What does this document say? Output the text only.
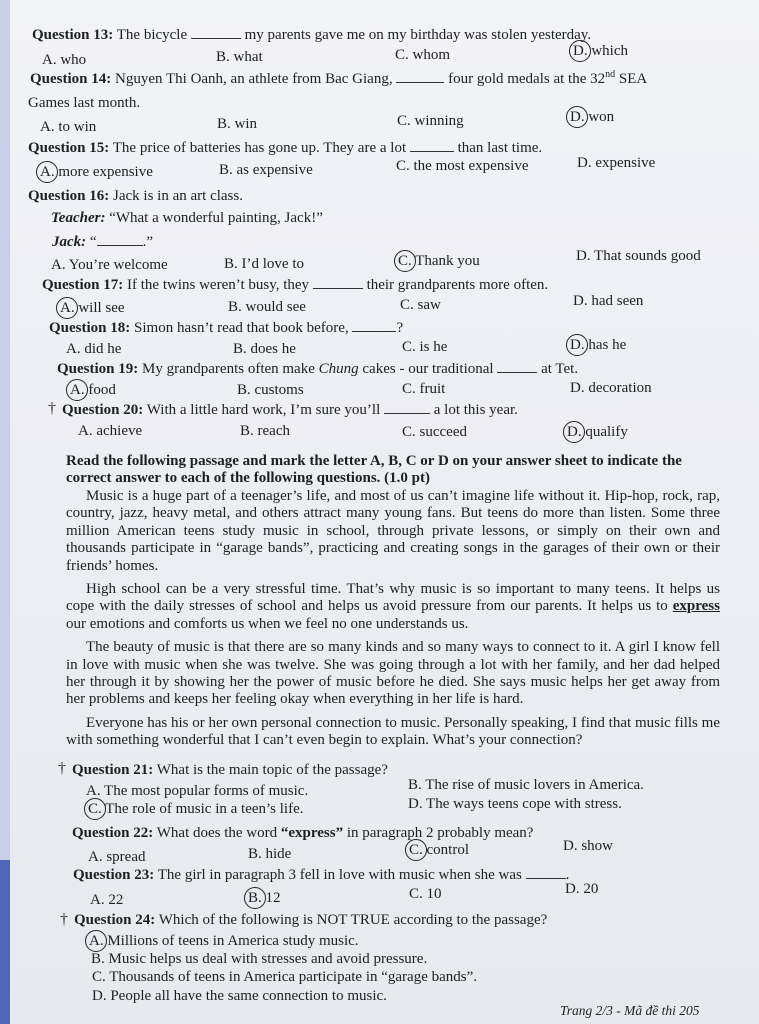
Question 13: The bicycle	my parents gave me on my birthday was stolen yesterday.
A. who	B. what	C. whom	D. which
Question 14: Nguyen Thi Oanh, an athlete from Bac Giang,	four gold medals at the 32nd SEA
Games last month.
A. to win	B. win	C. winning	D. won
Question 15: The price of batteries has gone up. They are a lot	than last time.
A. more expensive	B. as expensive	C. the most expensive	D. expensive
Question 16: Jack is in an art class.
Teacher: “What a wonderful painting, Jack!”
Jack: “	.”
A. You’re welcome	B. I’d love to	C. Thank you	D. That sounds good
Question 17: If the twins weren’t busy, they	their grandparents more often.
A. will see	B. would see	C. saw	D. had seen
Question 18: Simon hasn’t read that book before,	?
A. did he	B. does he	C. is he	D. has he
Question 19: My grandparents often make Chung cakes - our traditional	at Tet.
A. food	B. customs	C. fruit	D. decoration
† Question 20: With a little hard work, I’m sure you’ll	a lot this year.
A. achieve	B. reach	C. succeed	D. qualify
Read the following passage and mark the letter A, B, C or D on your answer sheet to indicate the
correct answer to each of the following questions. (1.0 pt)

Music is a huge part of a teenager’s life, and most of us can’t imagine life without it. Hip-hop, rock, rap, country, jazz, heavy metal, and others attract many young fans. But teens do more than listen. Some three million American teens study music in school, through private lessons, or simply on their own and thousands participate in “garage bands”, practicing and creating songs in the garages of their own or their friends’ homes.

High school can be a very stressful time. That’s why music is so important to many teens. It helps us cope with the daily stresses of school and helps us avoid pressure from our parents. It helps us to express our emotions and comforts us when we feel no one understands us.

The beauty of music is that there are so many kinds and so many ways to connect to it. A girl I know fell in love with music when she was twelve. She was going through a lot with her family, and her dad helped her through it by showing her the power of music before he died. She says music helps her get away from her problems and keeps her feeling okay when everything in her life is hard.

Everyone has his or her own personal connection to music. Personally speaking, I find that music fills me with something wonderful that I can’t even begin to explain. What’s your connection?

† Question 21: What is the main topic of the passage?
A. The most popular forms of music.	B. The rise of music lovers in America.
C. The role of music in a teen’s life.	D. The ways teens cope with stress.
Question 22: What does the word “express” in paragraph 2 probably mean?
A. spread	B. hide	C. control	D. show
Question 23: The girl in paragraph 3 fell in love with music when she was	.
A. 22	B. 12	C. 10	D. 20
† Question 24: Which of the following is NOT TRUE according to the passage?
A. Millions of teens in America study music.
B. Music helps us deal with stresses and avoid pressure.
C. Thousands of teens in America participate in “garage bands”.
D. People all have the same connection to music.
Trang 2/3 - Mã đề thi 205
